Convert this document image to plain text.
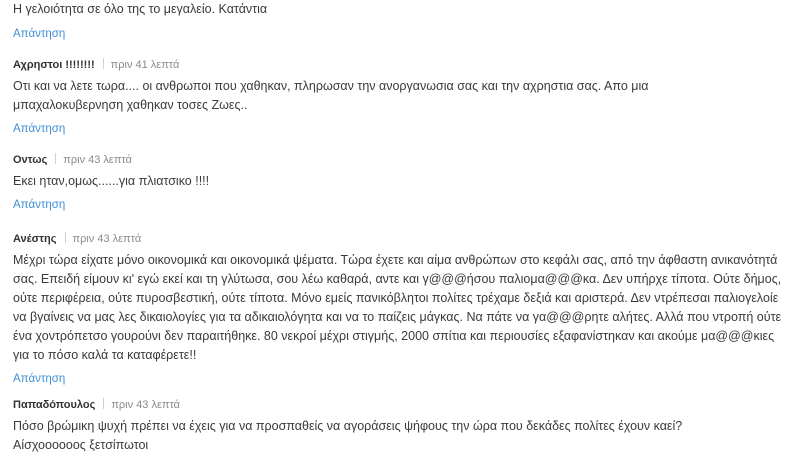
Η γελοιότητα σε όλο της το μεγαλείο. Κατάντια
Απάντηση
Αχρηστοι !!!!!!!! πριν 41 λεπτά
Οτι και να λετε τωρα.... οι ανθρωποι που χαθηκαν, πληρωσαν την ανοργανωσια σας και την αχρηστια σας. Απο μια μπαχαλοκυβερνηση χαθηκαν τοσες Ζωες..
Απάντηση
Οντως πριν 43 λεπτά
Εκει ηταν,ομως......για πλιατσικο !!!!
Απάντηση
Ανέστης πριν 43 λεπτά
Μέχρι τώρα είχατε μόνο οικονομικά και οικονομικά ψέματα. Τώρα έχετε και αίμα ανθρώπων στο κεφάλι σας, από την άφθαστη ανικανότητά σας. Επειδή είμουν κι' εγώ εκεί και τη γλύτωσα, σου λέω καθαρά, αντε και γ@@@ήσου παλιομα@@@κα. Δεν υπήρχε τίποτα. Ούτε δήμος, ούτε περιφέρεια, ούτε πυροσβεστική, ούτε τίποτα. Μόνο εμείς πανικόβλητοι πολίτες τρέχαμε δεξιά και αριστερά. Δεν ντρέπεσαι παλιογελοίε να βγαίνεις να μας λες δικαιολογίες για τα αδικαιολόγητα και να το παίζεις μάγκας. Να πάτε να γα@@@ρητε αλήτες. Αλλά που ντροπή ούτε ένα χοντρόπετσο γουρούνι δεν παραιτήθηκε. 80 νεκροί μέχρι στιγμής, 2000 σπίτια και περιουσίες εξαφανίστηκαν και ακούμε μα@@@κιες για το πόσο καλά τα καταφέρετε!!
Απάντηση
Παπαδόπουλος πριν 43 λεπτά
Πόσο βρώμικη ψυχή πρέπει να έχεις για να προσπαθείς να αγοράσεις ψήφους την ώρα που δεκάδες πολίτες έχουν καεί? Αίσχοοοοοος ξετσίπωτοι
